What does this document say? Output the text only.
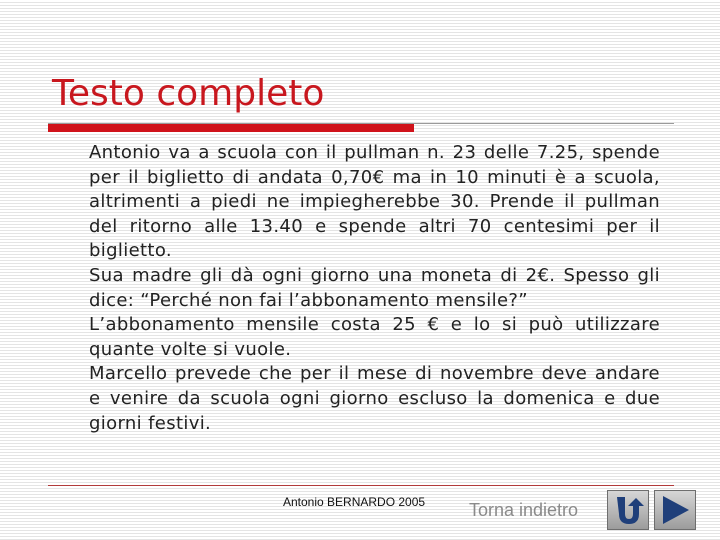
Testo completo

Antonio va a scuola con il pullman n. 23 delle 7.25, spende per il biglietto di andata 0,70€ ma in 10 minuti è a scuola, altrimenti a piedi ne impiegherebbe 30. Prende il pullman del ritorno alle 13.40 e spende altri 70 centesimi per il biglietto.

Sua madre gli dà ogni giorno una moneta di 2€. Spesso gli dice: “Perché non fai l’abbonamento mensile?”

L’abbonamento mensile costa 25 € e lo si può utilizzare quante volte si vuole.

Marcello prevede che per il mese di novembre deve andare e venire da scuola ogni giorno escluso la domenica e due giorni festivi.

Antonio BERNARDO 2005 Torna indietro
